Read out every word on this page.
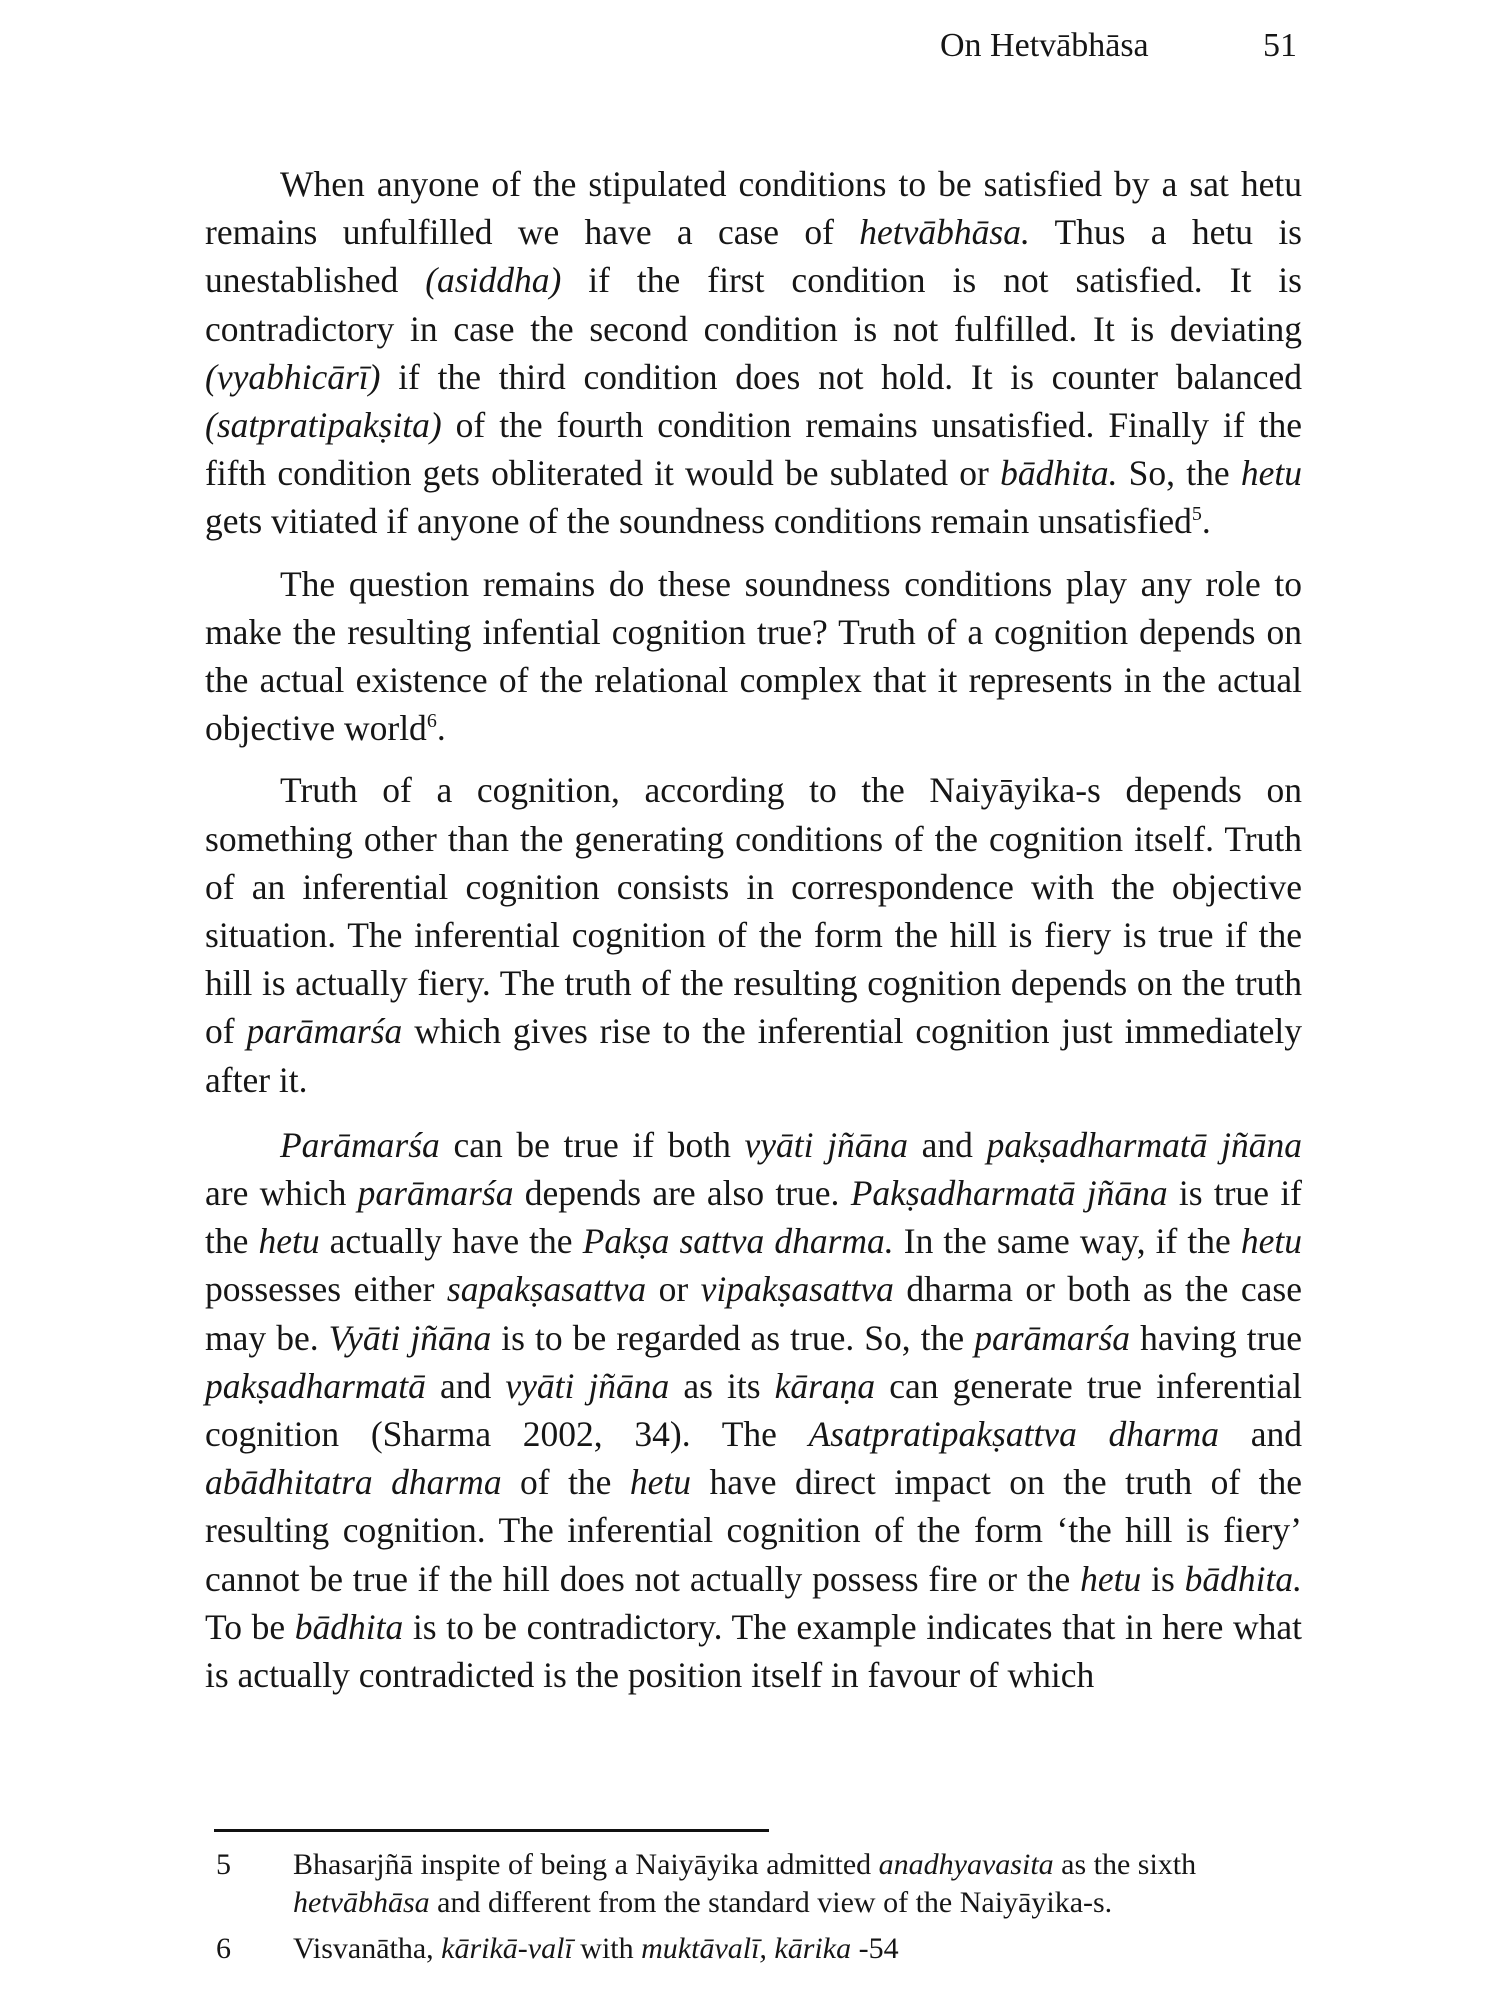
On Hetvābhāsa	51

When anyone of the stipulated conditions to be satisfied by a sat hetu remains unfulfilled we have a case of hetvābhāsa. Thus a hetu is unestablished (asiddha) if the first condition is not satisfied. It is contradictory in case the second condition is not fulfilled. It is deviating (vyabhicārī) if the third condition does not hold. It is counter balanced (satpratipakṣita) of the fourth condition remains unsatisfied. Finally if the fifth condition gets obliterated it would be sublated or bādhita. So, the hetu gets vitiated if anyone of the soundness conditions remain unsatisfied$^5$.

The question remains do these soundness conditions play any role to make the resulting infential cognition true? Truth of a cognition depends on the actual existence of the relational complex that it represents in the actual objective world$^6$.

Truth of a cognition, according to the Naiyāyika-s depends on something other than the generating conditions of the cognition itself. Truth of an inferential cognition consists in correspondence with the objective situation. The inferential cognition of the form the hill is fiery is true if the hill is actually fiery. The truth of the resulting cognition depends on the truth of parāmarśa which gives rise to the inferential cognition just immediately after it.

Parāmarśa can be true if both vyāti jñāna and pakṣadharmatā jñāna are which parāmarśa depends are also true. Pakṣadharmatā jñāna is true if the hetu actually have the Pakṣa sattva dharma. In the same way, if the hetu possesses either sapakṣasattva or vipakṣasattva dharma or both as the case may be. Vyāti jñāna is to be regarded as true. So, the parāmarśa having true pakṣadharmatā and vyāti jñāna as its kāraṇa can generate true inferential cognition (Sharma 2002, 34). The Asatpratipakṣattva dharma and abādhitatra dharma of the hetu have direct impact on the truth of the resulting cognition. The inferential cognition of the form ‘the hill is fiery’ cannot be true if the hill does not actually possess fire or the hetu is bādhita. To be bādhita is to be contradictory. The example indicates that in here what is actually contradicted is the position itself in favour of which

5 Bhasarjñā inspite of being a Naiyāyika admitted anadhyavasita as the sixth hetvābhāsa and different from the standard view of the Naiyāyika-s.
6 Visvanātha, kārikā-valī with muktāvalī, kārika -54
